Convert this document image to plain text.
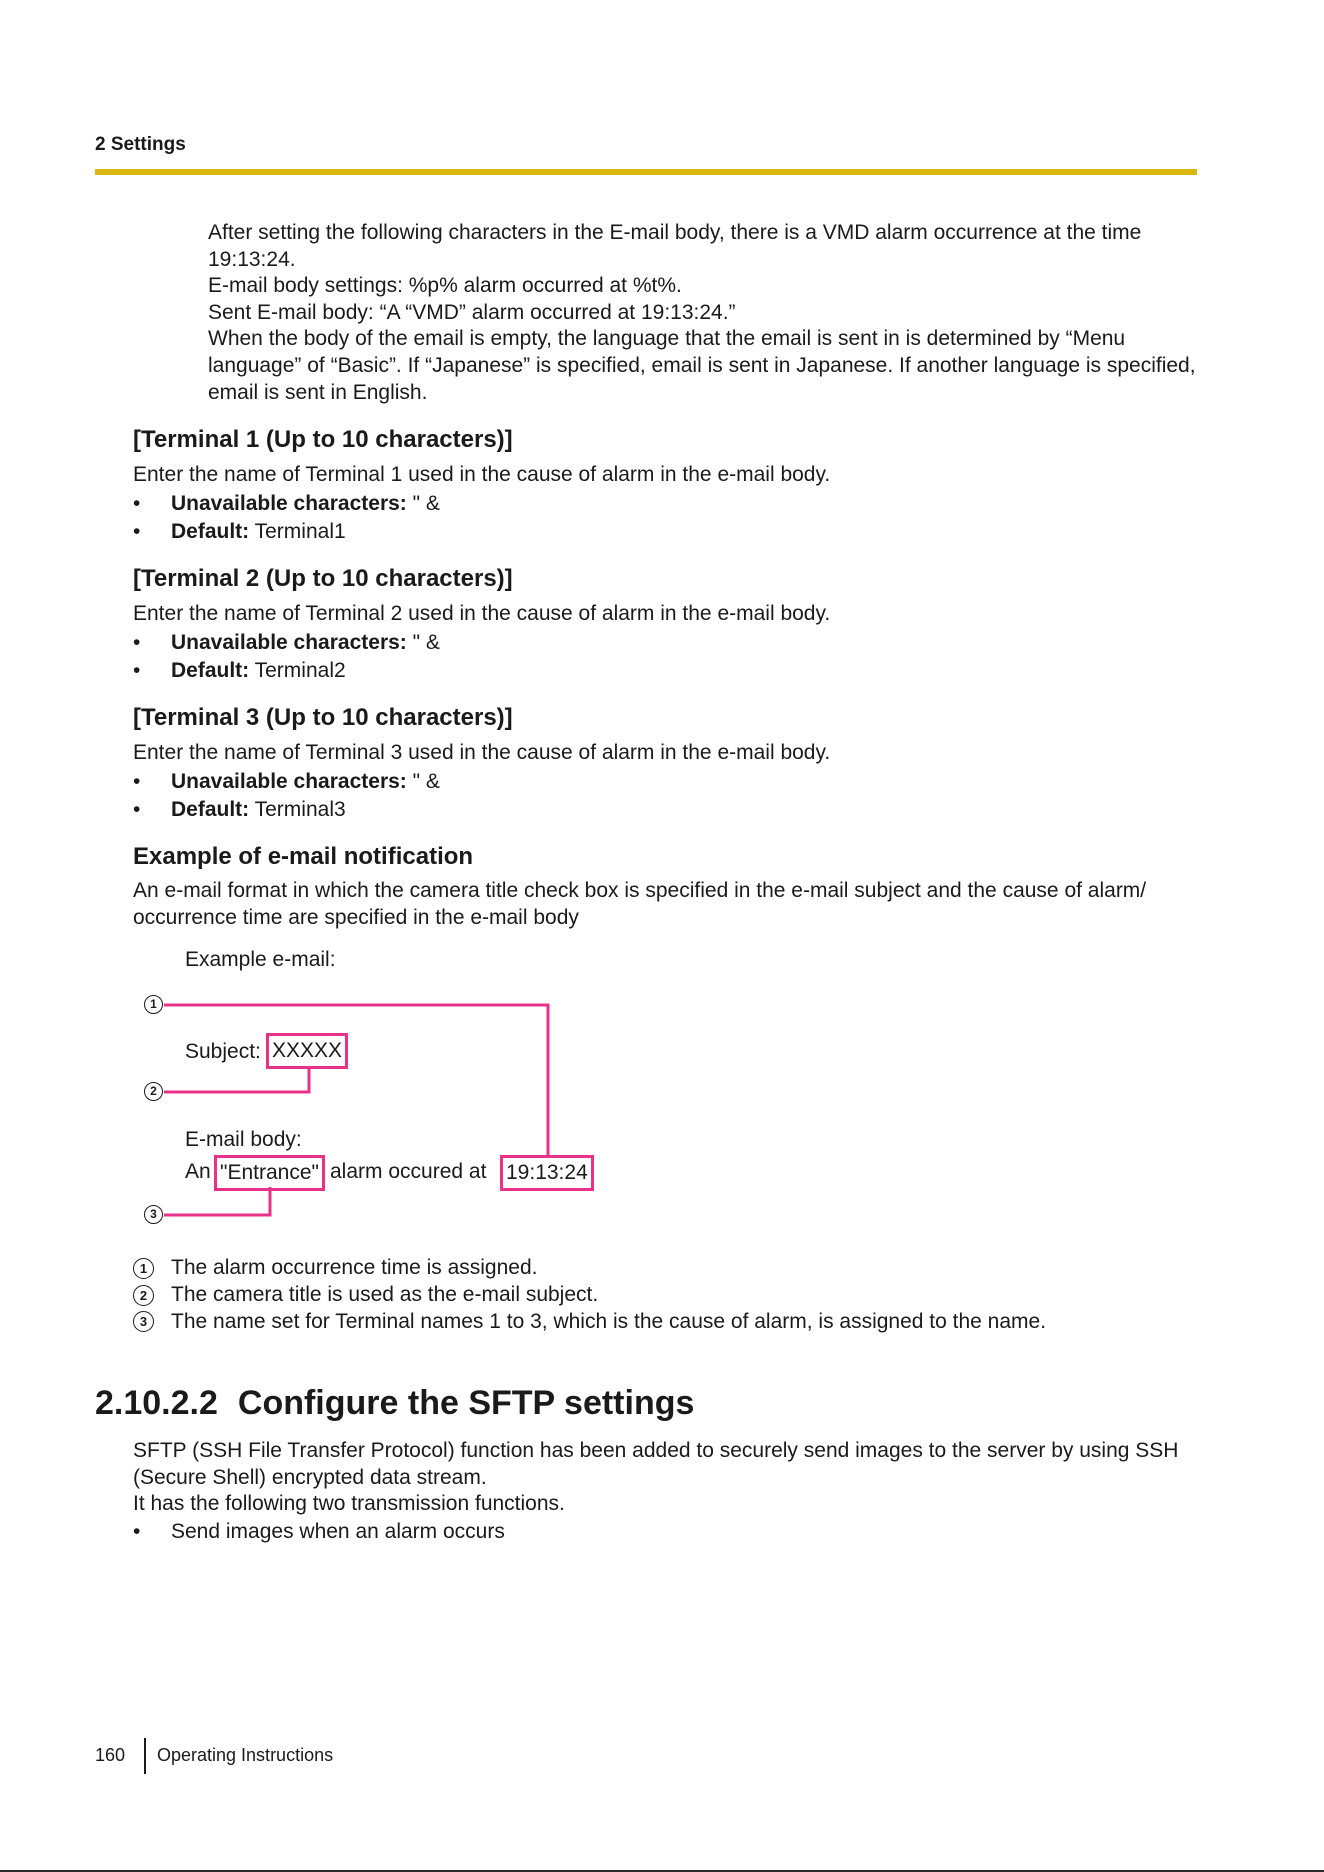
2 Settings

After setting the following characters in the E-mail body, there is a VMD alarm occurrence at the time 19:13:24.

E-mail body settings: %p% alarm occurred at %t%.

Sent E-mail body: “A “VMD” alarm occurred at 19:13:24.”

When the body of the email is empty, the language that the email is sent in is determined by “Menu language” of “Basic”. If “Japanese” is specified, email is sent in Japanese. If another language is specified, email is sent in English.

[Terminal 1 (Up to 10 characters)]

Enter the name of Terminal 1 used in the cause of alarm in the e-mail body.

• Unavailable characters: " &
• Default: Terminal1
[Terminal 2 (Up to 10 characters)]

Enter the name of Terminal 2 used in the cause of alarm in the e-mail body.

• Unavailable characters: " &
• Default: Terminal2
[Terminal 3 (Up to 10 characters)]

Enter the name of Terminal 3 used in the cause of alarm in the e-mail body.

• Unavailable characters: " &
• Default: Terminal3
Example of e-mail notification

An e-mail format in which the camera title check box is specified in the e-mail subject and the cause of alarm/ occurrence time are specified in the e-mail body

Example e-mail:
1
2
3
Subject: XXXXX
E-mail body:
An "Entrance" alarm occured at 19:13:24
1	The alarm occurrence time is assigned.
2	The camera title is used as the e-mail subject.
3	The name set for Terminal names 1 to 3, which is the cause of alarm, is assigned to the name.
2.10.2.2 Configure the SFTP settings

SFTP (SSH File Transfer Protocol) function has been added to securely send images to the server by using SSH (Secure Shell) encrypted data stream.

It has the following two transmission functions.

• Send images when an alarm occurs
160 Operating Instructions
